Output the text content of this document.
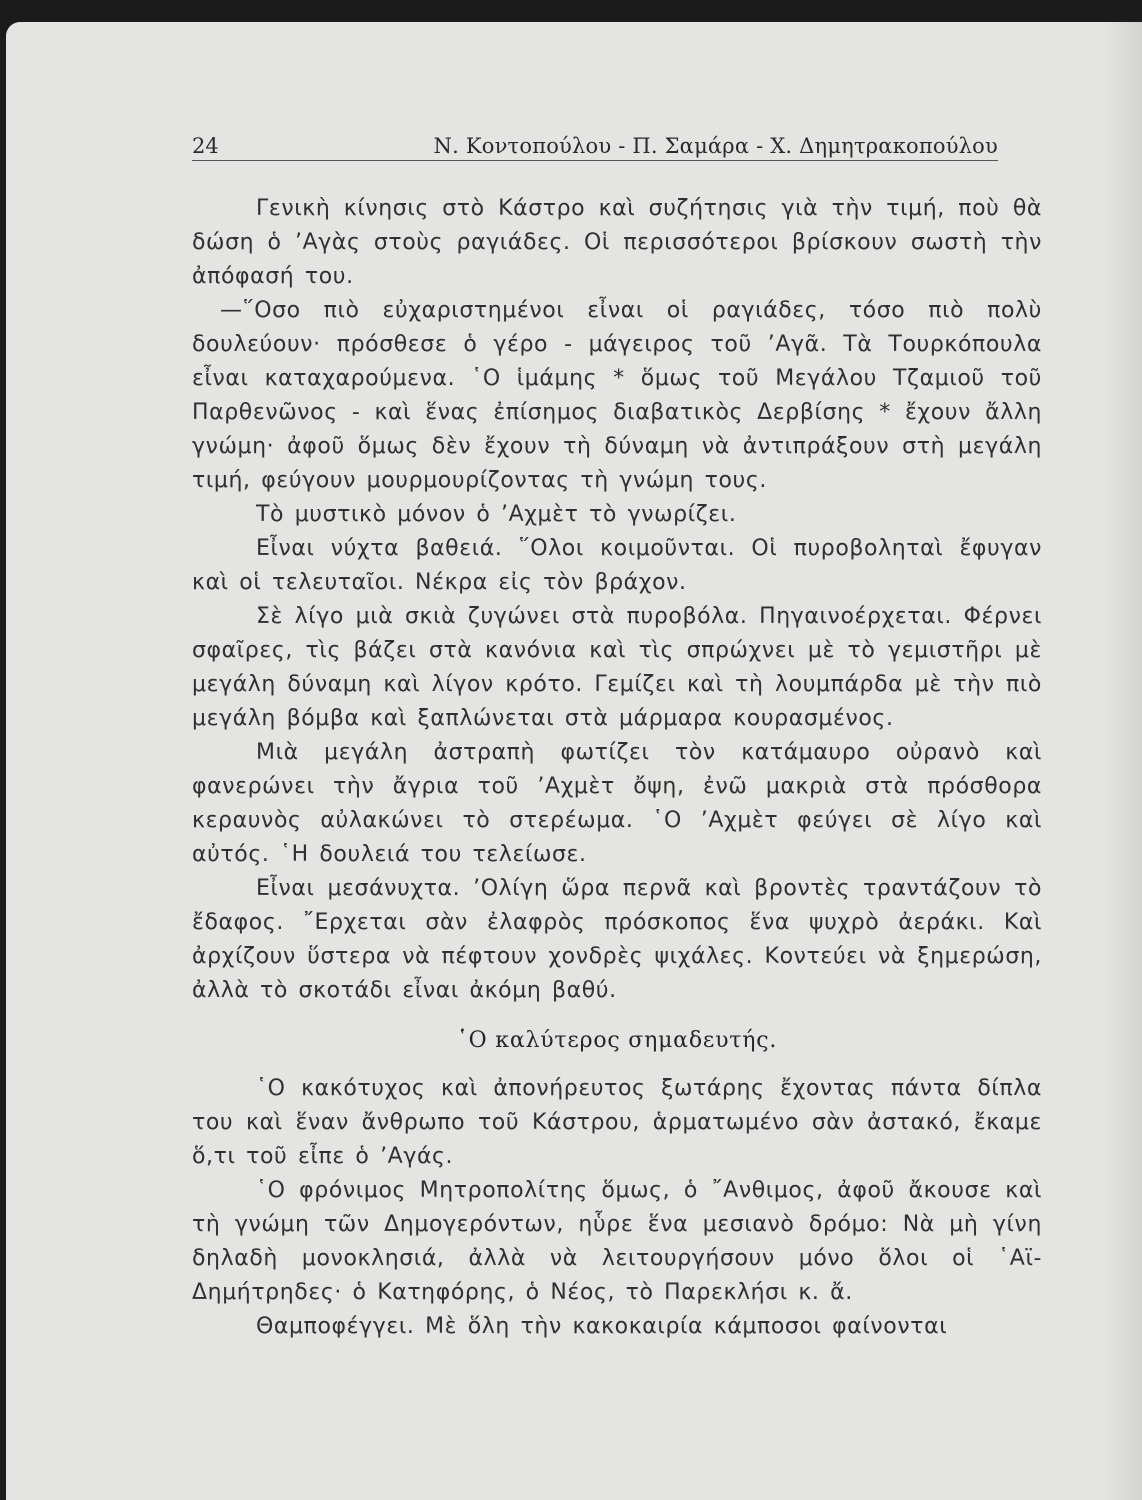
24	Ν. Κοντοπούλου - Π. Σαμάρα - Χ. Δημητρακοπούλου

Γενικὴ κίνησις στὸ Κάστρο καὶ συζήτησις γιὰ τὴν τιμή, ποὺ θὰ δώση ὁ ’Αγὰς στοὺς ραγιάδες. Οἱ περισσότεροι βρίσκουν σωστὴ τὴν ἀπόφασή του.

—῞Οσο πιὸ εὐχαριστημένοι εἶναι οἱ ραγιάδες, τόσο πιὸ πολὺ δουλεύουν· πρόσθεσε ὁ γέρο - μάγειρος τοῦ ’Αγᾶ. Τὰ Τουρκόπουλα εἶναι καταχαρούμενα. ῾Ο ἱμάμης * ὅμως τοῦ Μεγάλου Τζαμιοῦ τοῦ Παρθενῶνος - καὶ ἕνας ἐπίσημος διαβατικὸς Δερβίσης * ἔχουν ἄλλη γνώμη· ἀφοῦ ὅμως δὲν ἔχουν τὴ δύναμη νὰ ἀντιπράξουν στὴ μεγάλη τιμή, φεύγουν μουρμουρίζοντας τὴ γνώμη τους.

Τὸ μυστικὸ μόνον ὁ ’Αχμὲτ τὸ γνωρίζει.

Εἶναι νύχτα βαθειά. ῞Ολοι κοιμοῦνται. Οἱ πυροβοληταὶ ἔφυγαν καὶ οἱ τελευταῖοι. Νέκρα εἰς τὸν βράχον.

Σὲ λίγο μιὰ σκιὰ ζυγώνει στὰ πυροβόλα. Πηγαινοέρχεται. Φέρνει σφαῖρες, τὶς βάζει στὰ κανόνια καὶ τὶς σπρώχνει μὲ τὸ γεμιστῆρι μὲ μεγάλη δύναμη καὶ λίγον κρότο. Γεμίζει καὶ τὴ λουμπάρδα μὲ τὴν πιὸ μεγάλη βόμβα καὶ ξαπλώνεται στὰ μάρμαρα κουρασμένος.

Μιὰ μεγάλη ἀστραπὴ φωτίζει τὸν κατάμαυρο οὐρανὸ καὶ φανερώνει τὴν ἄγρια τοῦ ’Αχμὲτ ὄψη, ἐνῶ μακριὰ στὰ πρόσθορα κεραυνὸς αὐλακώνει τὸ στερέωμα. ῾Ο ’Αχμὲτ φεύγει σὲ λίγο καὶ αὐτός. ῾Η δουλειά του τελείωσε.

Εἶναι μεσάνυχτα. ’Ολίγη ὥρα περνᾶ καὶ βροντὲς τραντάζουν τὸ ἔδαφος. ῎Ερχεται σὰν ἐλαφρὸς πρόσκοπος ἕνα ψυχρὸ ἀεράκι. Καὶ ἀρχίζουν ὕστερα νὰ πέφτουν χονδρὲς ψιχάλες. Κοντεύει νὰ ξημερώση, ἀλλὰ τὸ σκοτάδι εἶναι ἀκόμη βαθύ.

῾Ο καλύτερος σημαδευτής.

῾Ο κακότυχος καὶ ἀπονήρευτος ξωτάρης ἔχοντας πάντα δίπλα του καὶ ἕναν ἄνθρωπο τοῦ Κάστρου, ἁρματωμένο σὰν ἀστακό, ἔκαμε ὅ,τι τοῦ εἶπε ὁ ’Αγάς.

῾Ο φρόνιμος Μητροπολίτης ὅμως, ὁ ῎Ανθιμος, ἀφοῦ ἄκουσε καὶ τὴ γνώμη τῶν Δημογερόντων, ηὗρε ἕνα μεσιανὸ δρόμο: Νὰ μὴ γίνη δηλαδὴ μονοκλησιά, ἀλλὰ νὰ λειτουργήσουν μόνο ὅλοι οἱ ῾Αϊ-Δημήτρηδες· ὁ Κατηφόρης, ὁ Νέος, τὸ Παρεκλήσι κ. ἄ.

Θαμποφέγγει. Μὲ ὅλη τὴν κακοκαιρία κάμποσοι φαίνονται
